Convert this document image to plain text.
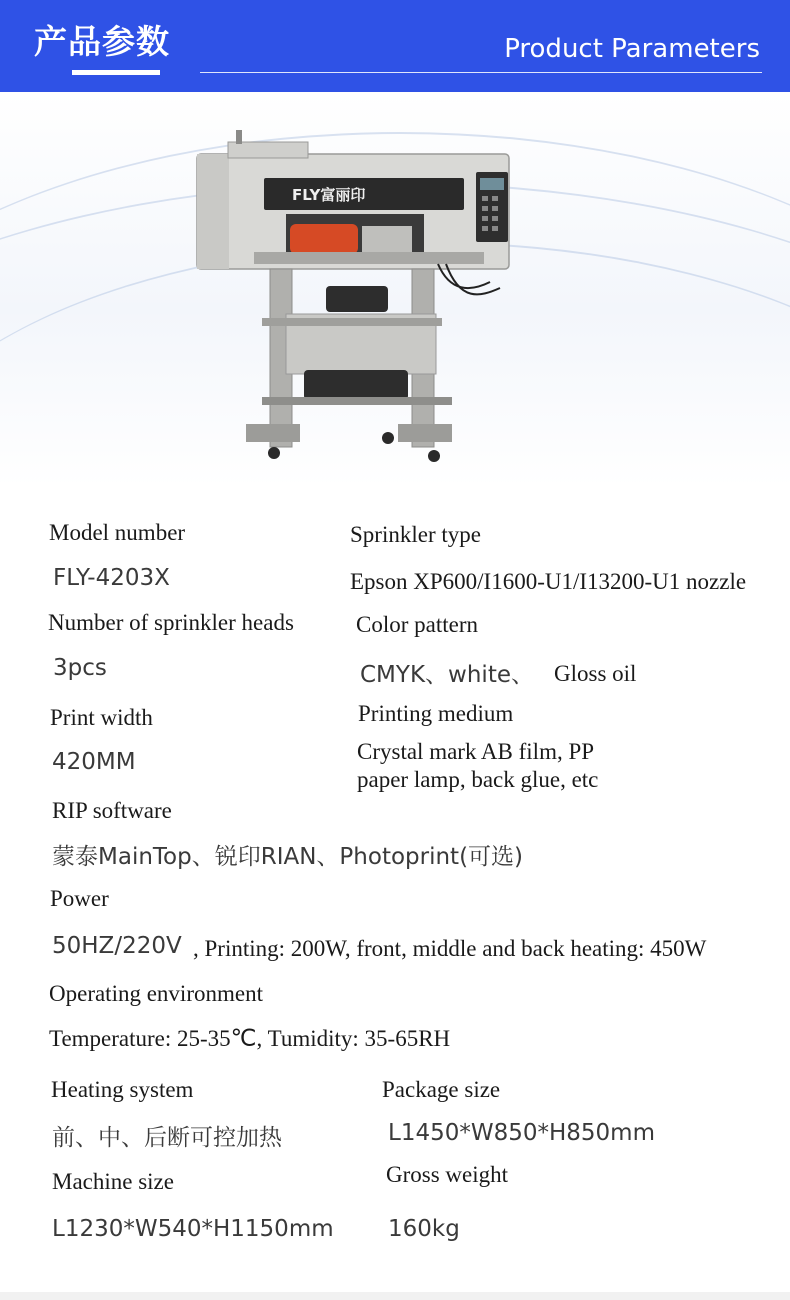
产品参数	Product Parameters
FLY富丽印
Model number
FLY-4203X
Sprinkler type
Epson XP600/I1600-U1/I13200-U1 nozzle
Number of sprinkler heads
3pcs
Color pattern
CMYK、white、 Gloss oil
Print width
420MM
Printing medium
Crystal mark AB film, PP
paper lamp, back glue, etc
RIP software
蒙泰MainTop、锐印RIAN、Photoprint(可选)
Power
50HZ/220V , Printing: 200W, front, middle and back heating: 450W
Operating environment
Temperature: 25-35℃, Tumidity: 35-65RH
Heating system
前、中、后断可控加热
Package size
L1450*W850*H850mm
Machine size
L1230*W540*H1150mm
Gross weight
160kg
